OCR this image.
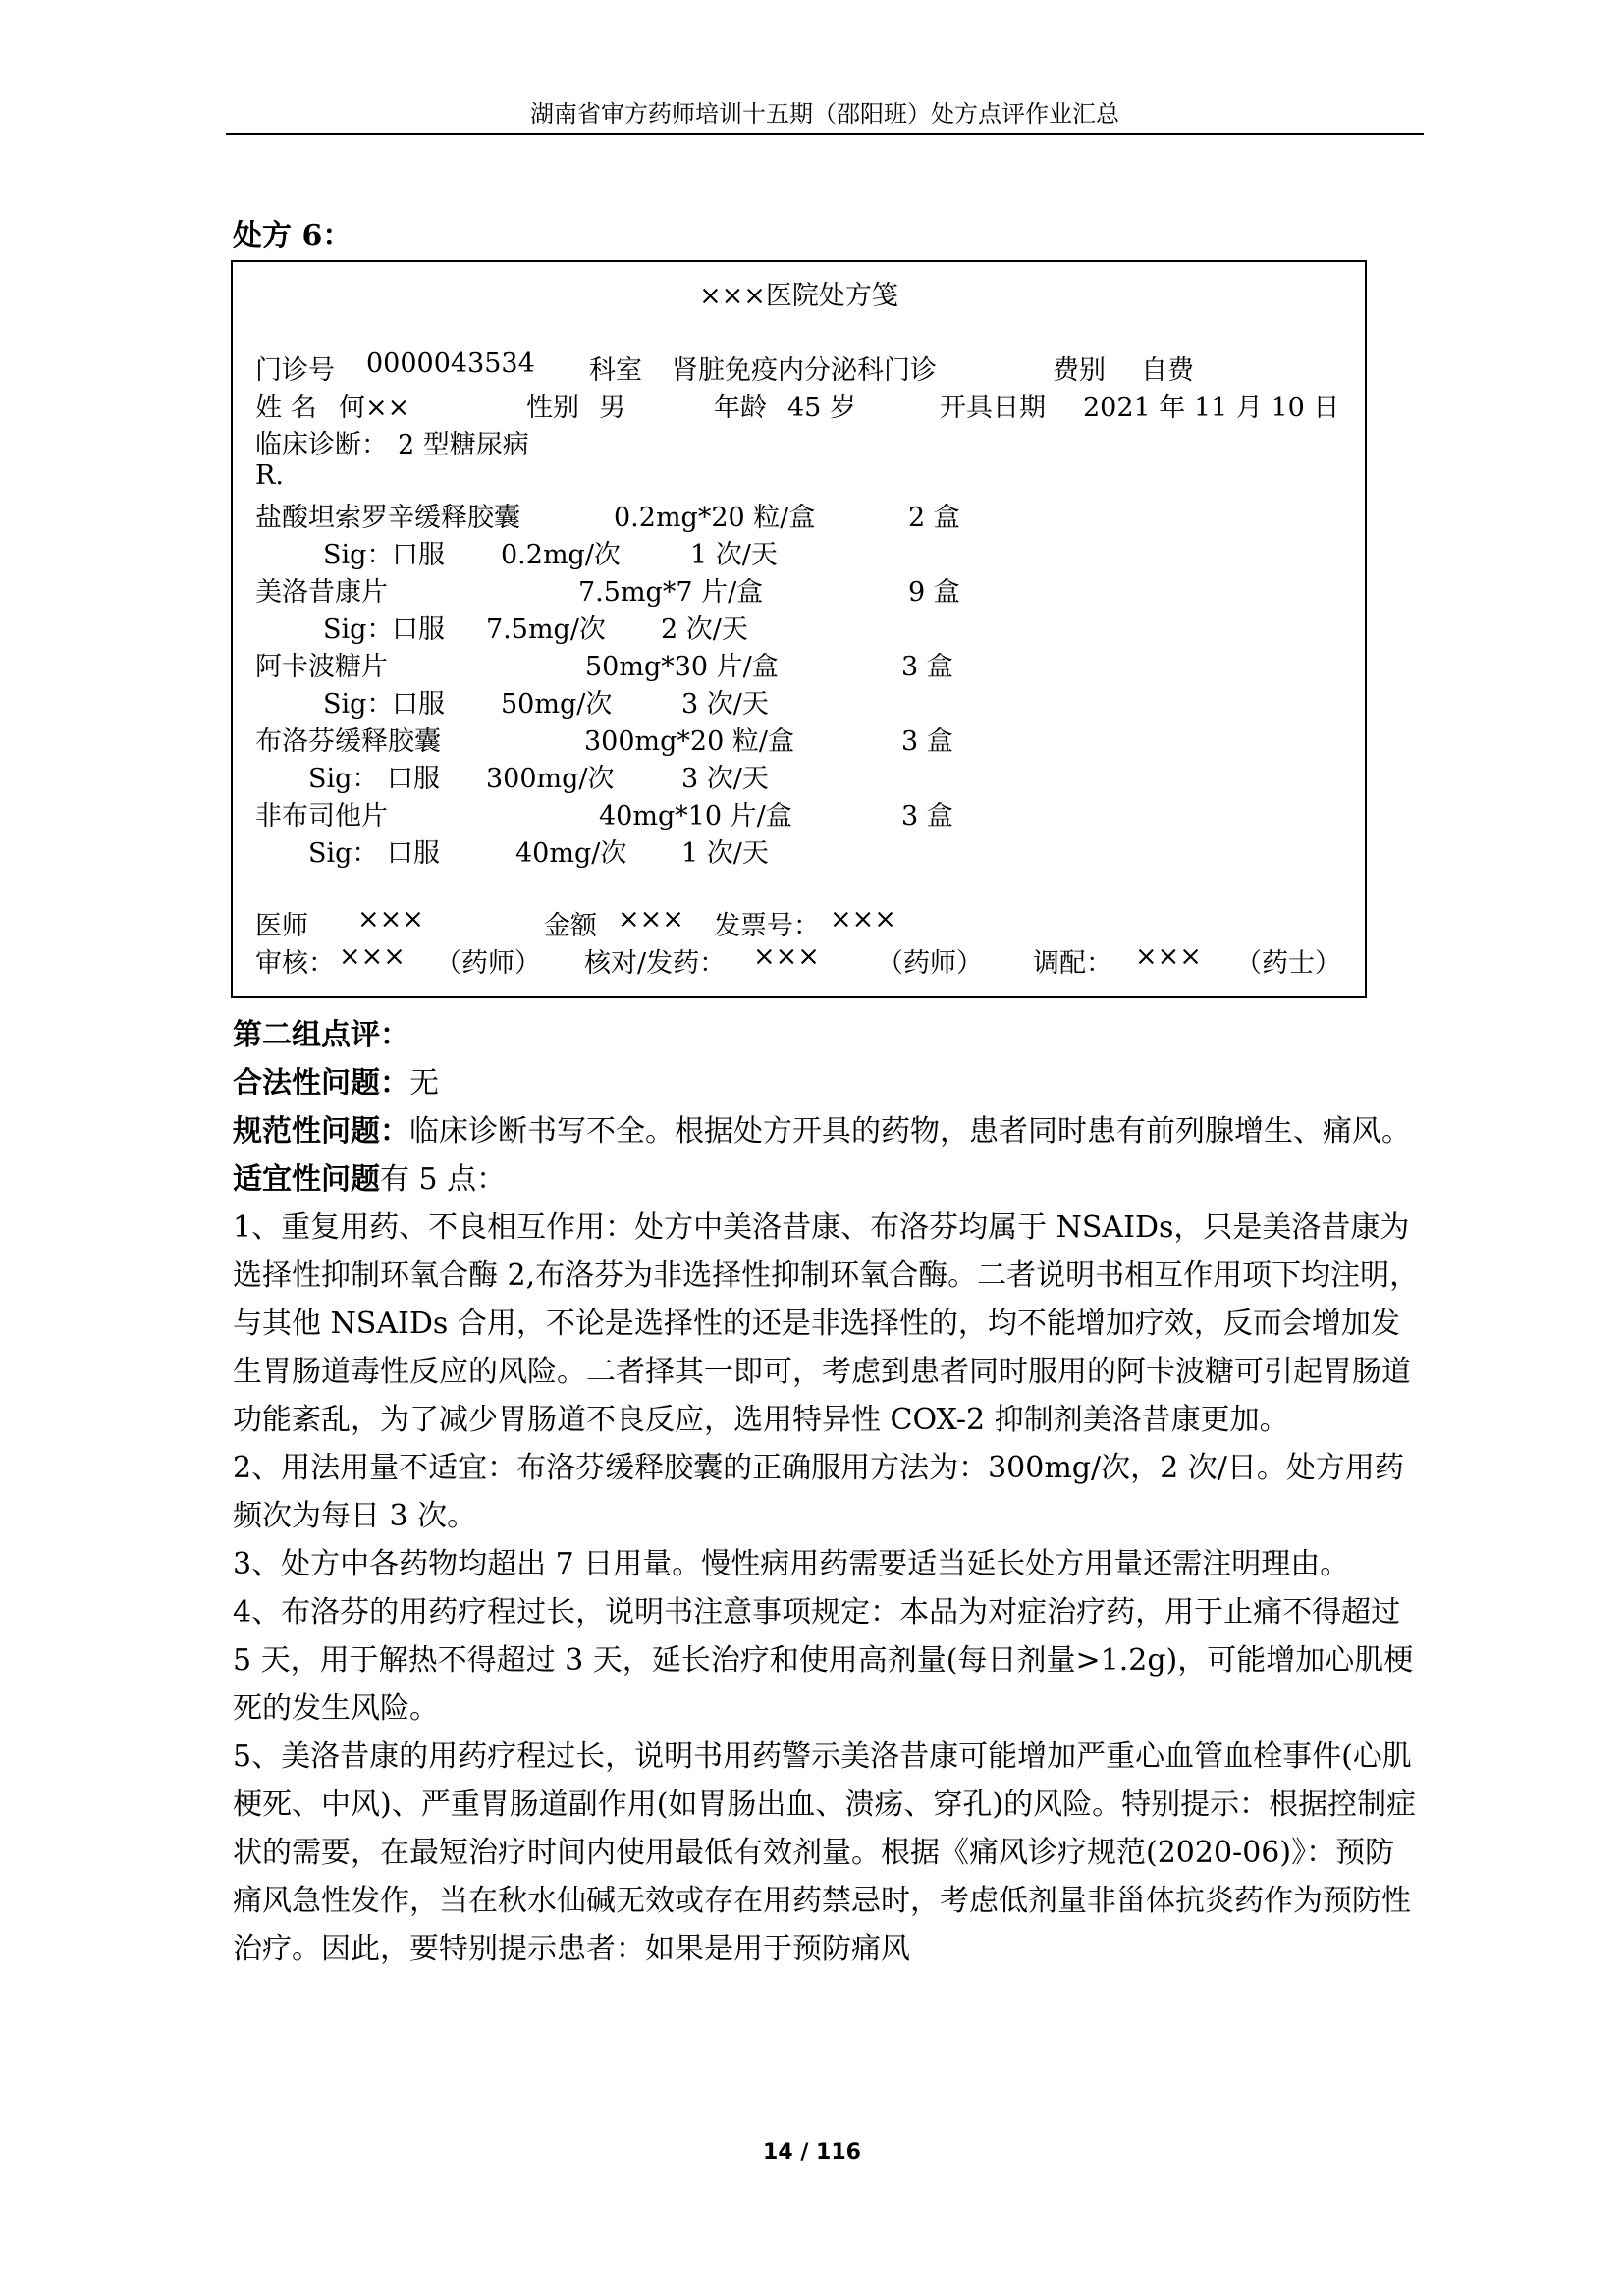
湖南省审方药师培训十五期（邵阳班）处方点评作业汇总
处方 6：
×××医院处方笺
门诊号 0000043534 科室 肾脏免疫内分泌科门诊	费别 自费
姓 名 何××	性别 男	年龄 45 岁	开具日期 2021 年 11 月 10 日
临床诊断： 2 型糖尿病
R.
盐酸坦索罗辛缓释胶囊	0.2mg*20 粒/盒	2 盒
Sig：
口服 0.2mg/次	1 次/天
美洛昔康片	7.5mg*7 片/盒	9 盒
Sig：
口服 7.5mg/次 2 次/天
阿卡波糖片	50mg*30 片/盒	3 盒
Sig：
口服 50mg/次	3 次/天
布洛芬缓释胶囊	300mg*20 粒/盒	3 盒
Sig： 口服 300mg/次	3 次/天
非布司他片	40mg*10 片/盒	3 盒
Sig： 口服	40mg/次 1 次/天
医师 ×××	金额 ××× 发票号： ×××
审核： ××× （药师） 核对/发药： ××× （药师） 调配： ××× （药士）

第二组点评：

合法性问题：无

规范性问题：临床诊断书写不全。根据处方开具的药物，患者同时患有前列腺增生、痛风。

适宜性问题有 5 点：

1、重复用药、不良相互作用：处方中美洛昔康、布洛芬均属于 NSAIDs，只是美洛昔康为选择性抑制环氧合酶 2,布洛芬为非选择性抑制环氧合酶。二者说明书相互作用项下均注明，与其他 NSAIDs 合用，不论是选择性的还是非选择性的，均不能增加疗效，反而会增加发生胃肠道毒性反应的风险。二者择其一即可，考虑到患者同时服用的阿卡波糖可引起胃肠道功能紊乱，为了减少胃肠道不良反应，选用特异性 COX-2 抑制剂美洛昔康更加。

2、用法用量不适宜：布洛芬缓释胶囊的正确服用方法为：300mg/次，2 次/日。处方用药频次为每日 3 次。

3、处方中各药物均超出 7 日用量。慢性病用药需要适当延长处方用量还需注明理由。

4、布洛芬的用药疗程过长，说明书注意事项规定：本品为对症治疗药，用于止痛不得超过 5 天，用于解热不得超过 3 天，延长治疗和使用高剂量(每日剂量>1.2g)，可能增加心肌梗死的发生风险。

5、美洛昔康的用药疗程过长，说明书用药警示美洛昔康可能增加严重心血管血栓事件(心肌梗死、中风)、严重胃肠道副作用(如胃肠出血、溃疡、穿孔)的风险。特别提示：根据控制症状的需要，在最短治疗时间内使用最低有效剂量。根据《痛风诊疗规范(2020-06)》：预防痛风急性发作，当在秋水仙碱无效或存在用药禁忌时，考虑低剂量非甾体抗炎药作为预防性治疗。因此，要特别提示患者：如果是用于预防痛风

14 / 116
